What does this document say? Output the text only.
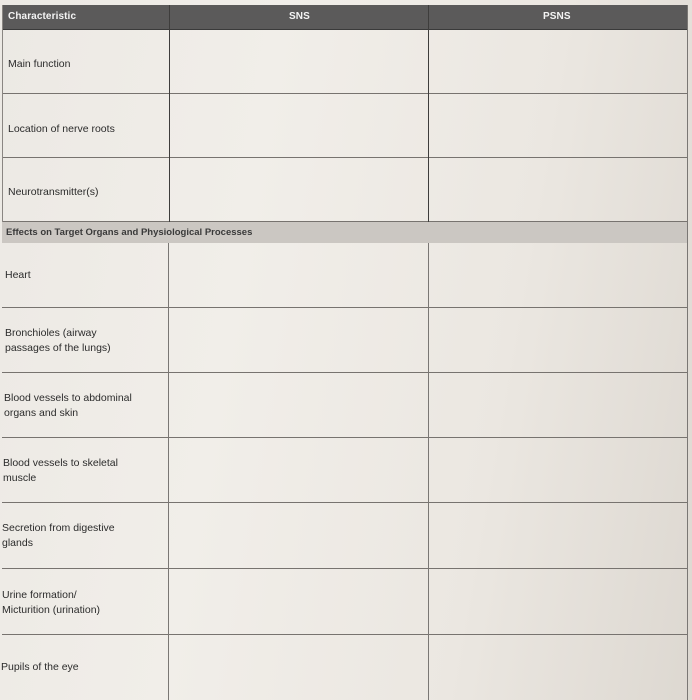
Characteristic	SNS	PSNS
Main function
Location of nerve roots
Neurotransmitter(s)
Effects on Target Organs and Physiological Processes
Heart
Bronchioles (airway
passages of the lungs)
Blood vessels to abdominal
organs and skin
Blood vessels to skeletal
muscle
Secretion from digestive
glands
Urine formation/
Micturition (urination)
Pupils of the eye
